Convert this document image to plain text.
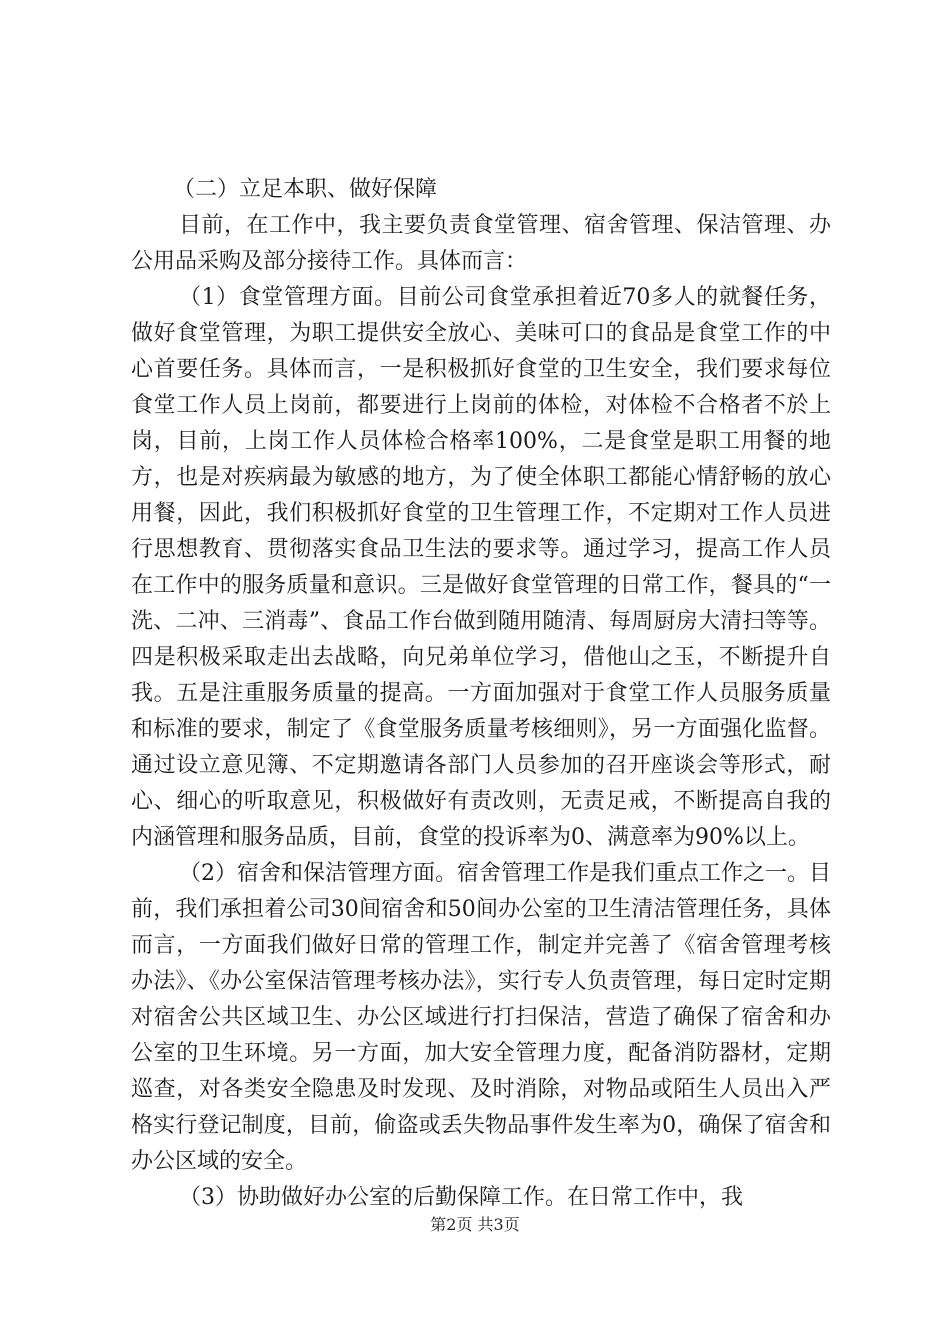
（二）立足本职、做好保障

目前，在工作中，我主要负责食堂管理、宿舍管理、保洁管理、办公用品采购及部分接待工作。具体而言：

（1）食堂管理方面。目前公司食堂承担着近70多人的就餐任务，做好食堂管理，为职工提供安全放心、美味可口的食品是食堂工作的中心首要任务。具体而言，一是积极抓好食堂的卫生安全，我们要求每位食堂工作人员上岗前，都要进行上岗前的体检，对体检不合格者不於上岗，目前，上岗工作人员体检合格率100%，二是食堂是职工用餐的地方，也是对疾病最为敏感的地方，为了使全体职工都能心情舒畅的放心用餐，因此，我们积极抓好食堂的卫生管理工作，不定期对工作人员进行思想教育、贯彻落实食品卫生法的要求等。通过学习，提高工作人员在工作中的服务质量和意识。三是做好食堂管理的日常工作，餐具的“一洗、二冲、三消毒”、食品工作台做到随用随清、每周厨房大清扫等等。四是积极采取走出去战略，向兄弟单位学习，借他山之玉，不断提升自我。五是注重服务质量的提高。一方面加强对于食堂工作人员服务质量和标准的要求，制定了《食堂服务质量考核细则》，另一方面强化监督。通过设立意见簿、不定期邀请各部门人员参加的召开座谈会等形式，耐心、细心的听取意见，积极做好有责改则，无责足戒，不断提高自我的内涵管理和服务品质，目前，食堂的投诉率为0、满意率为90%以上。

（2）宿舍和保洁管理方面。宿舍管理工作是我们重点工作之一。目前，我们承担着公司30间宿舍和50间办公室的卫生清洁管理任务，具体而言，一方面我们做好日常的管理工作，制定并完善了《宿舍管理考核办法》、《办公室保洁管理考核办法》，实行专人负责管理，每日定时定期对宿舍公共区域卫生、办公区域进行打扫保洁，营造了确保了宿舍和办公室的卫生环境。另一方面，加大安全管理力度，配备消防器材，定期巡查，对各类安全隐患及时发现、及时消除，对物品或陌生人员出入严格实行登记制度，目前，偷盗或丢失物品事件发生率为0，确保了宿舍和办公区域的安全。

（3）协助做好办公室的后勤保障工作。在日常工作中，我

第2页 共3页
